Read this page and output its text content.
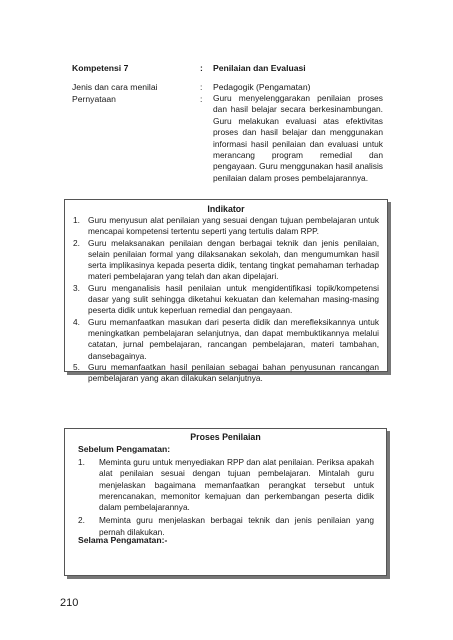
Kompetensi 7	: Penilaian dan Evaluasi
Jenis dan cara menilai	: Pedagogik (Pengamatan)
Pernyataan	: Guru menyelenggarakan penilaian proses dan hasil belajar secara berkesinambungan. Guru melakukan evaluasi atas efektivitas proses dan hasil belajar dan menggunakan informasi hasil penilaian dan evaluasi untuk merancang program remedial dan pengayaan. Guru menggunakan hasil analisis penilaian dalam proses pembelajarannya.
Indikator
1. Guru menyusun alat penilaian yang sesuai dengan tujuan pembelajaran untuk mencapai kompetensi tertentu seperti yang tertulis dalam RPP.
2. Guru melaksanakan penilaian dengan berbagai teknik dan jenis penilaian, selain penilaian formal yang dilaksanakan sekolah, dan mengumumkan hasil serta implikasinya kepada peserta didik, tentang tingkat pemahaman terhadap materi pembelajaran yang telah dan akan dipelajari.
3. Guru menganalisis hasil penilaian untuk mengidentifikasi topik/kompetensi dasar yang sulit sehingga diketahui kekuatan dan kelemahan masing-masing peserta didik untuk keperluan remedial dan pengayaan.
4. Guru memanfaatkan masukan dari peserta didik dan merefleksikannya untuk meningkatkan pembelajaran selanjutnya, dan dapat membuktikannya melalui catatan, jurnal pembelajaran, rancangan pembelajaran, materi tambahan, dansebagainya.
5. Guru memanfaatkan hasil penilaian sebagai bahan penyusunan rancangan pembelajaran yang akan dilakukan selanjutnya.
Proses Penilaian
Sebelum Pengamatan:
1. Meminta guru untuk menyediakan RPP dan alat penilaian. Periksa apakah alat penilaian sesuai dengan tujuan pembelajaran. Mintalah guru menjelaskan bagaimana memanfaatkan perangkat tersebut untuk merencanakan, memonitor kemajuan dan perkembangan peserta didik dalam pembelajarannya.
2. Meminta guru menjelaskan berbagai teknik dan jenis penilaian yang pernah dilakukan.
Selama Pengamatan:-
210
